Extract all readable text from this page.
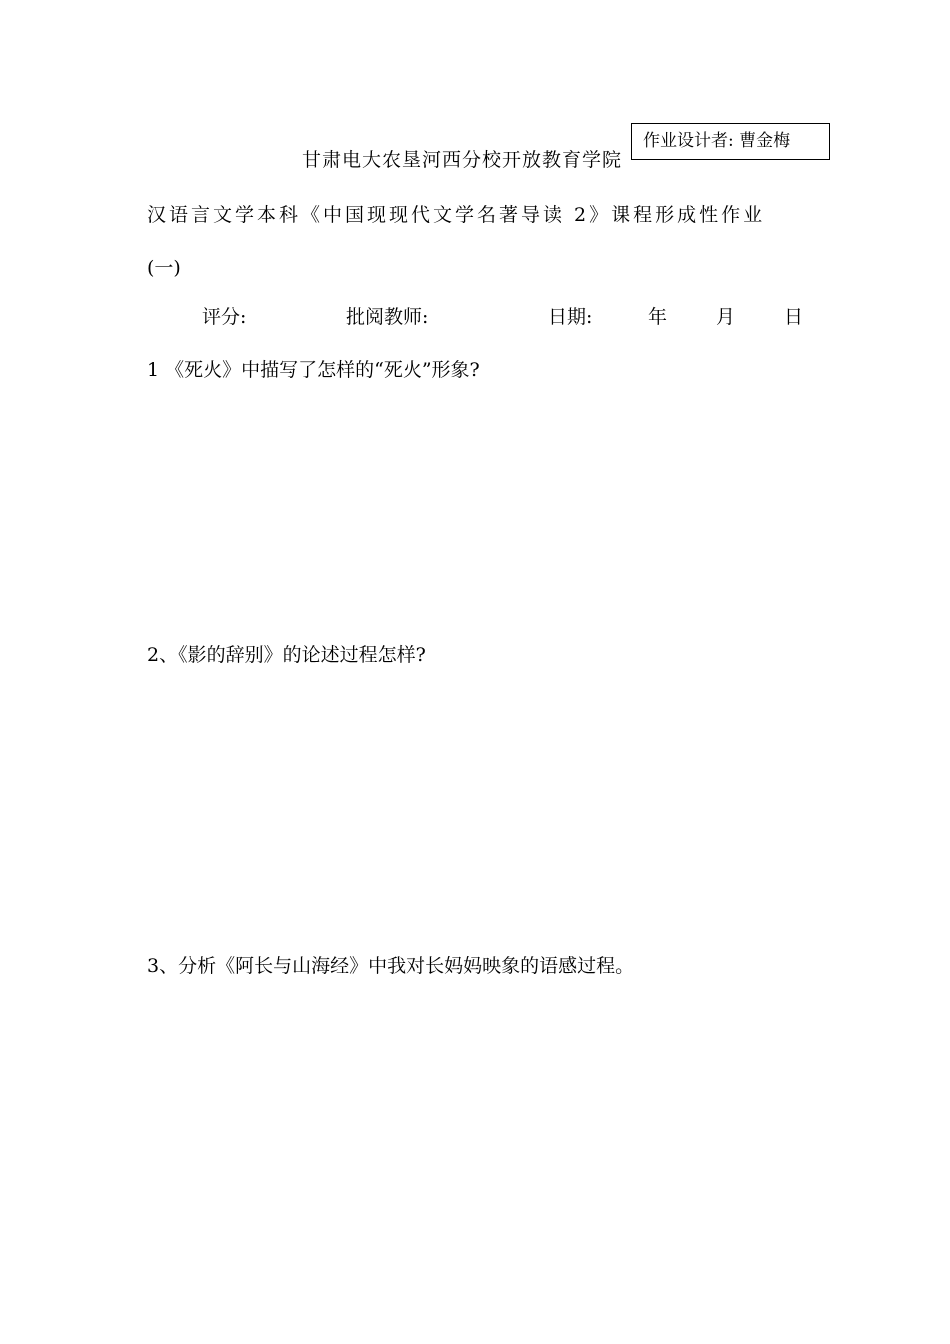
作业设计者: 曹金梅
甘肃电大农垦河西分校开放教育学院
汉语言文学本科《中国现现代文学名著导读 2》课程形成性作业
(一)
评分:	批阅教师:	日期:	年	月	日
1 《死火》中描写了怎样的“死火”形象?
2、《影的辞别》的论述过程怎样?
3、分析《阿长与山海经》中我对长妈妈映象的语感过程。
